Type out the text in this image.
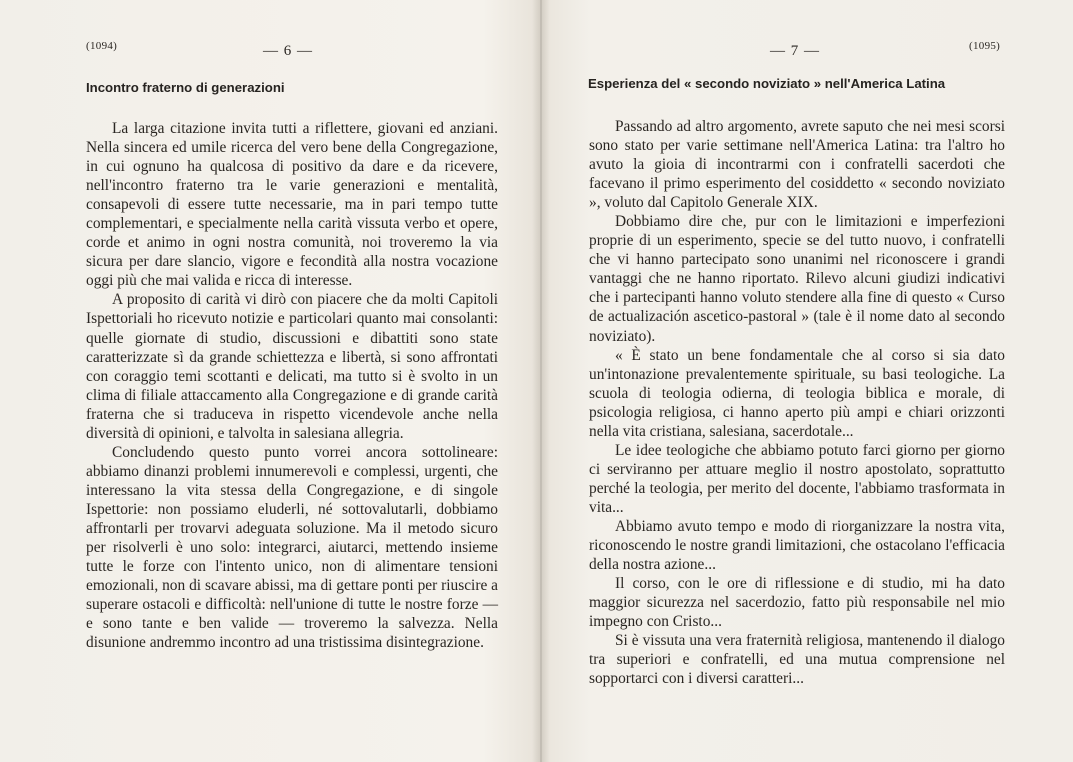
(1094)	— 6 —
Incontro fraterno di generazioni

La larga citazione invita tutti a riflettere, giovani ed anziani. Nella sincera ed umile ricerca del vero bene della Congregazione, in cui ognuno ha qualcosa di positivo da dare e da ricevere, nell'incontro fraterno tra le varie generazioni e mentalità, consapevoli di essere tutte necessarie, ma in pari tempo tutte complementari, e specialmente nella carità vissuta verbo et opere, corde et animo in ogni nostra comunità, noi troveremo la via sicura per dare slancio, vigore e fecondità alla nostra vocazione oggi più che mai valida e ricca di interesse.

A proposito di carità vi dirò con piacere che da molti Capitoli Ispettoriali ho ricevuto notizie e particolari quanto mai consolanti: quelle giornate di studio, discussioni e dibattiti sono state caratterizzate sì da grande schiettezza e libertà, si sono affrontati con coraggio temi scottanti e delicati, ma tutto si è svolto in un clima di filiale attaccamento alla Congregazione e di grande carità fraterna che si traduceva in rispetto vicendevole anche nella diversità di opinioni, e talvolta in salesiana allegria.

Concludendo questo punto vorrei ancora sottolineare: abbiamo dinanzi problemi innumerevoli e complessi, urgenti, che interessano la vita stessa della Congregazione, e di singole Ispettorie: non possiamo eluderli, né sottovalutarli, dobbiamo affrontarli per trovarvi adeguata soluzione. Ma il metodo sicuro per risolverli è uno solo: integrarci, aiutarci, mettendo insieme tutte le forze con l'intento unico, non di alimentare tensioni emozionali, non di scavare abissi, ma di gettare ponti per riuscire a superare ostacoli e difficoltà: nell'unione di tutte le nostre forze — e sono tante e ben valide — troveremo la salvezza. Nella disunione andremmo incontro ad una tristissima disintegrazione.

— 7 —	(1095)
Esperienza del « secondo noviziato » nell'America Latina

Passando ad altro argomento, avrete saputo che nei mesi scorsi sono stato per varie settimane nell'America Latina: tra l'altro ho avuto la gioia di incontrarmi con i confratelli sacerdoti che facevano il primo esperimento del cosiddetto « secondo noviziato », voluto dal Capitolo Generale XIX.

Dobbiamo dire che, pur con le limitazioni e imperfezioni proprie di un esperimento, specie se del tutto nuovo, i confratelli che vi hanno partecipato sono unanimi nel riconoscere i grandi vantaggi che ne hanno riportato. Rilevo alcuni giudizi indicativi che i partecipanti hanno voluto stendere alla fine di questo « Curso de actualización ascetico-pastoral » (tale è il nome dato al secondo noviziato).

« È stato un bene fondamentale che al corso si sia dato un'intonazione prevalentemente spirituale, su basi teologiche. La scuola di teologia odierna, di teologia biblica e morale, di psicologia religiosa, ci hanno aperto più ampi e chiari orizzonti nella vita cristiana, salesiana, sacerdotale...

Le idee teologiche che abbiamo potuto farci giorno per giorno ci serviranno per attuare meglio il nostro apostolato, soprattutto perché la teologia, per merito del docente, l'abbiamo trasformata in vita...

Abbiamo avuto tempo e modo di riorganizzare la nostra vita, riconoscendo le nostre grandi limitazioni, che ostacolano l'efficacia della nostra azione...

Il corso, con le ore di riflessione e di studio, mi ha dato maggior sicurezza nel sacerdozio, fatto più responsabile nel mio impegno con Cristo...

Si è vissuta una vera fraternità religiosa, mantenendo il dialogo tra superiori e confratelli, ed una mutua comprensione nel sopportarci con i diversi caratteri...
